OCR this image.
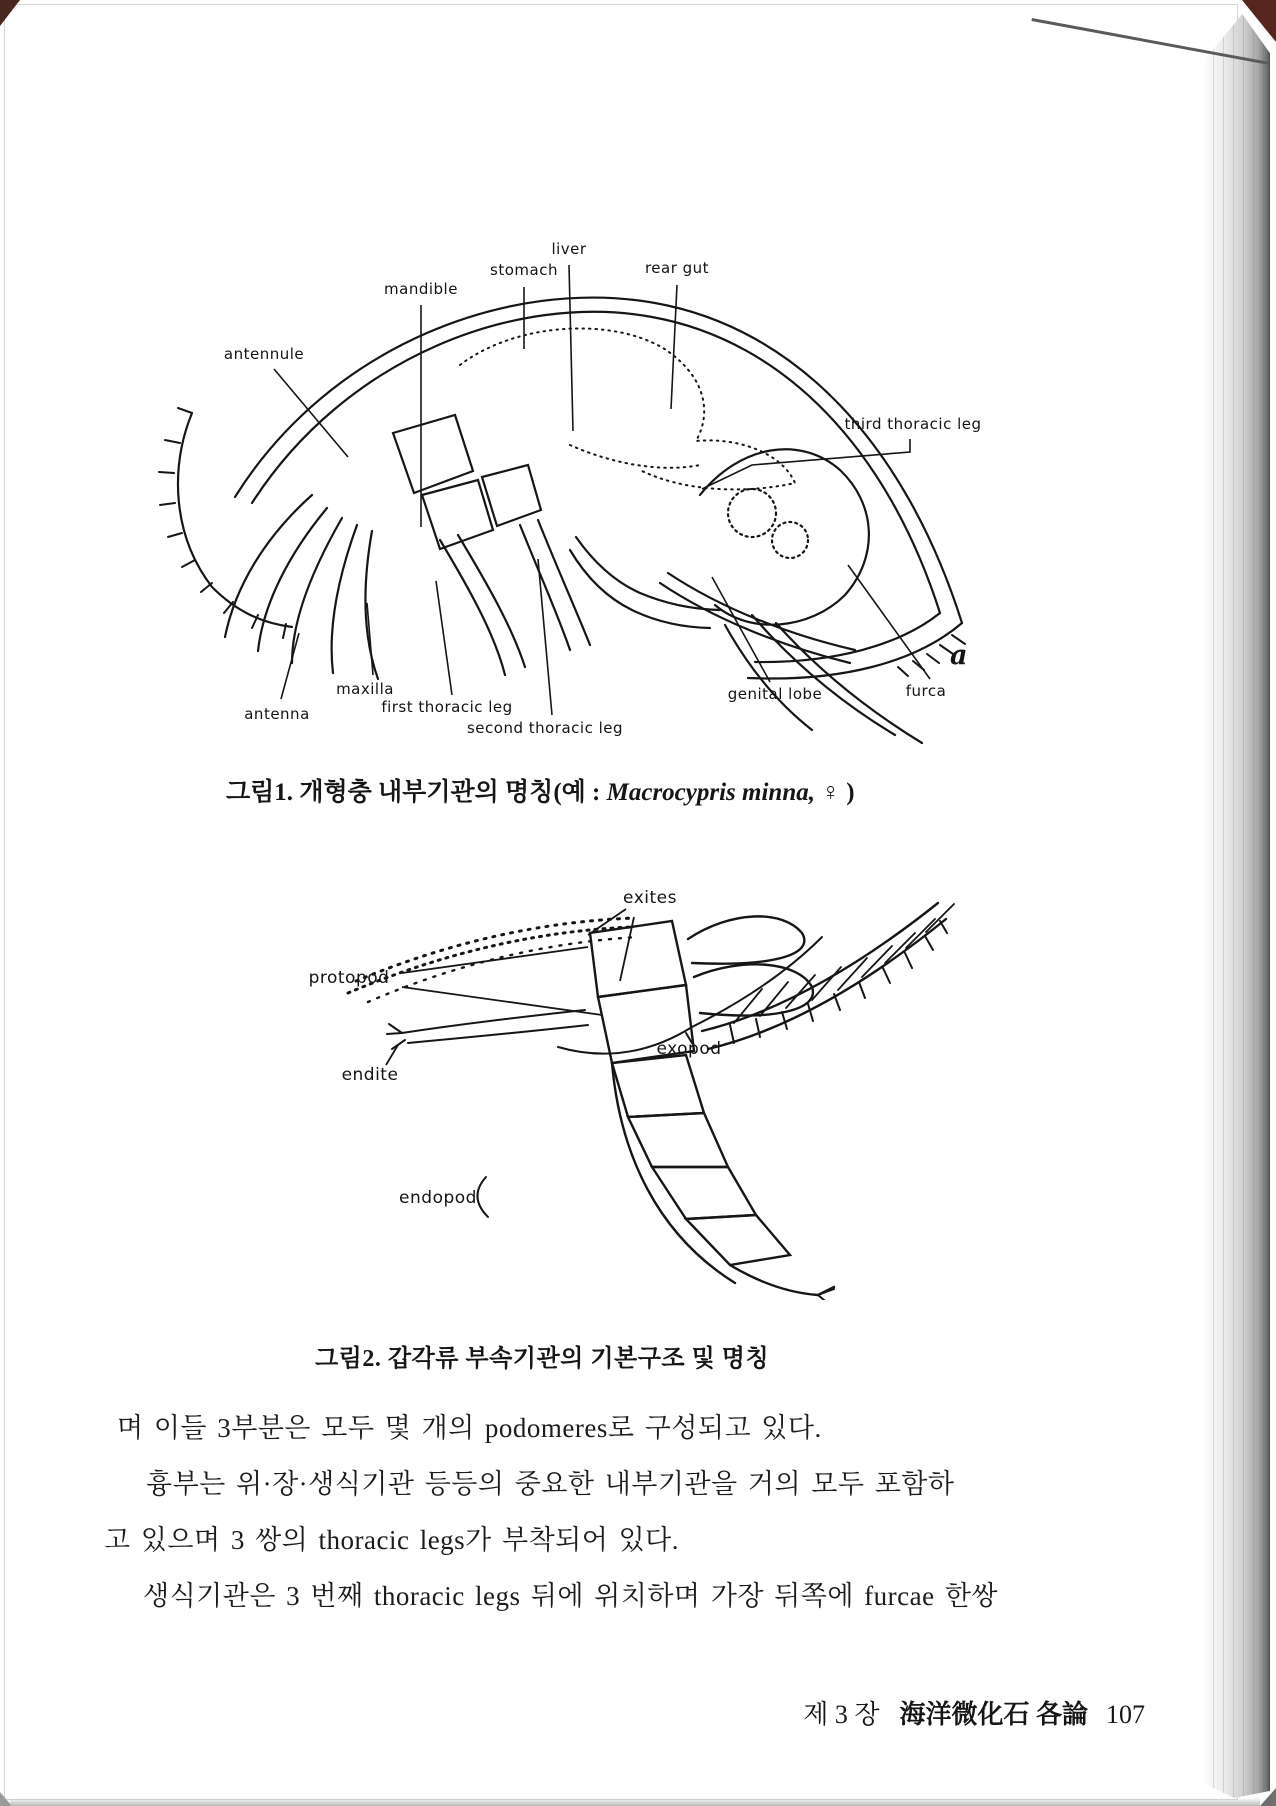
antennule
mandible
stomach
liver
rear gut
third thoracic leg
antenna
maxilla
first thoracic leg
second thoracic leg
genital lobe	furca
a
그림1. 개형충 내부기관의 명칭(예 : Macrocypris minna, ♀ )
exites
protopod
endite
exopod
endopod
그림2. 갑각류 부속기관의 기본구조 및 명칭
며 이들 3부분은 모두 몇 개의 podomeres로 구성되고 있다.
흉부는 위·장·생식기관 등등의 중요한 내부기관을 거의 모두 포함하
고 있으며 3 쌍의 thoracic legs가 부착되어 있다.
생식기관은 3 번째 thoracic legs 뒤에 위치하며 가장 뒤쪽에 furcae 한쌍
제 3 장 海洋微化石 各論 107
